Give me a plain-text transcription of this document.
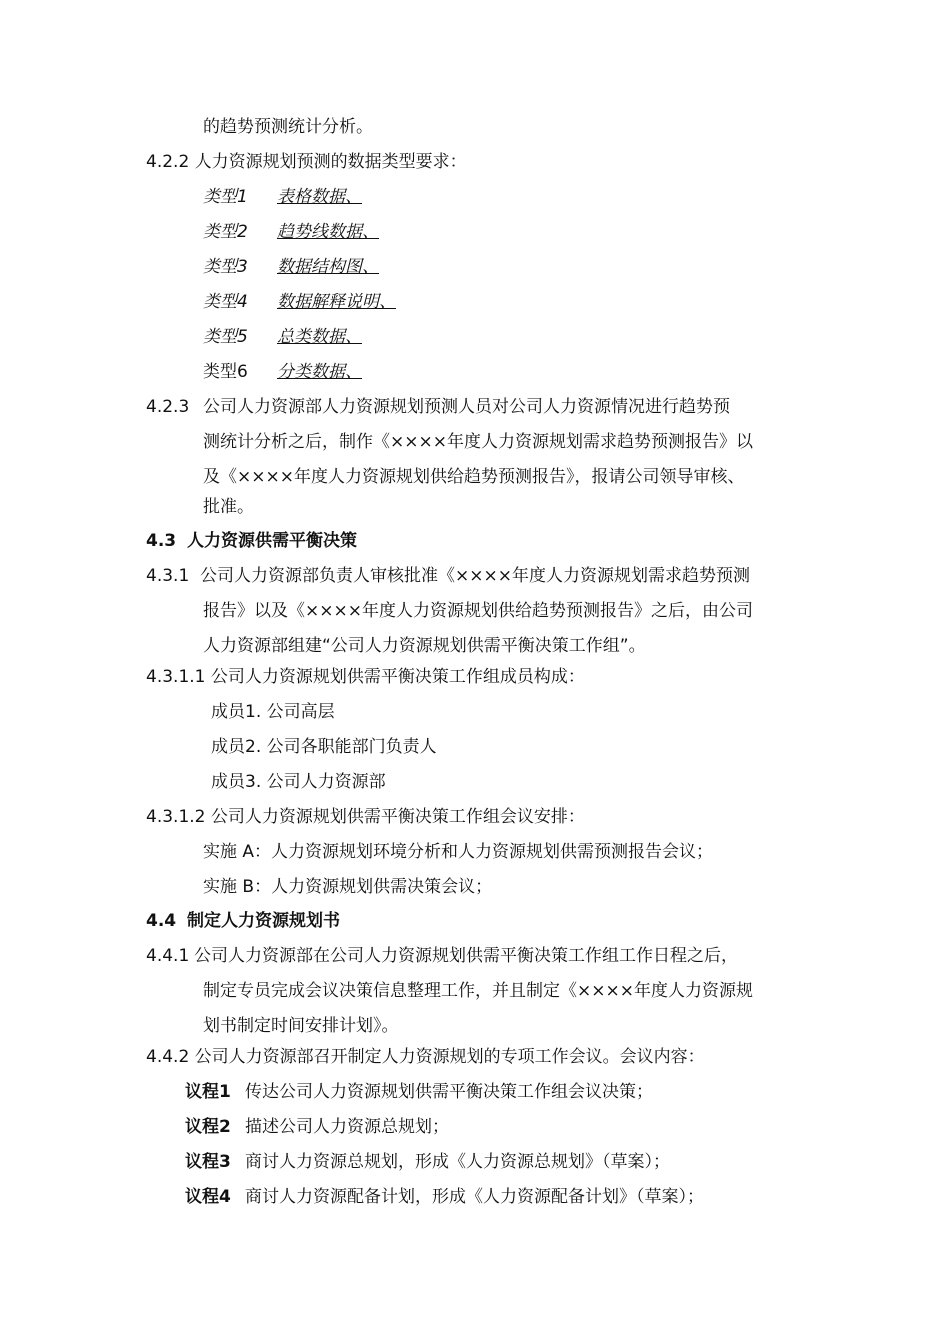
的趋势预测统计分析。
4.2.2 人力资源规划预测的数据类型要求：
类型1 表格数据、
类型2 趋势线数据、
类型3 数据结构图、
类型4 数据解释说明、
类型5 总类数据、
类型6 分类数据、
4.2.3 公司人力资源部人力资源规划预测人员对公司人力资源情况进行趋势预
测统计分析之后，制作《××××年度人力资源规划需求趋势预测报告》以
及《××××年度人力资源规划供给趋势预测报告》，报请公司领导审核、
批准。
4.3 人力资源供需平衡决策
4.3.1 公司人力资源部负责人审核批准《××××年度人力资源规划需求趋势预测
报告》以及《××××年度人力资源规划供给趋势预测报告》之后，由公司
人力资源部组建“公司人力资源规划供需平衡决策工作组”。
4.3.1.1 公司人力资源规划供需平衡决策工作组成员构成：
成员1. 公司高层
成员2. 公司各职能部门负责人
成员3. 公司人力资源部
4.3.1.2 公司人力资源规划供需平衡决策工作组会议安排：
实施 A：人力资源规划环境分析和人力资源规划供需预测报告会议；
实施 B：人力资源规划供需决策会议；
4.4 制定人力资源规划书
4.4.1 公司人力资源部在公司人力资源规划供需平衡决策工作组工作日程之后，
制定专员完成会议决策信息整理工作，并且制定《××××年度人力资源规
划书制定时间安排计划》。
4.4.2 公司人力资源部召开制定人力资源规划的专项工作会议。会议内容：
议程1 传达公司人力资源规划供需平衡决策工作组会议决策；
议程2 描述公司人力资源总规划；
议程3 商讨人力资源总规划，形成《人力资源总规划》（草案）；
议程4 商讨人力资源配备计划，形成《人力资源配备计划》（草案）；
